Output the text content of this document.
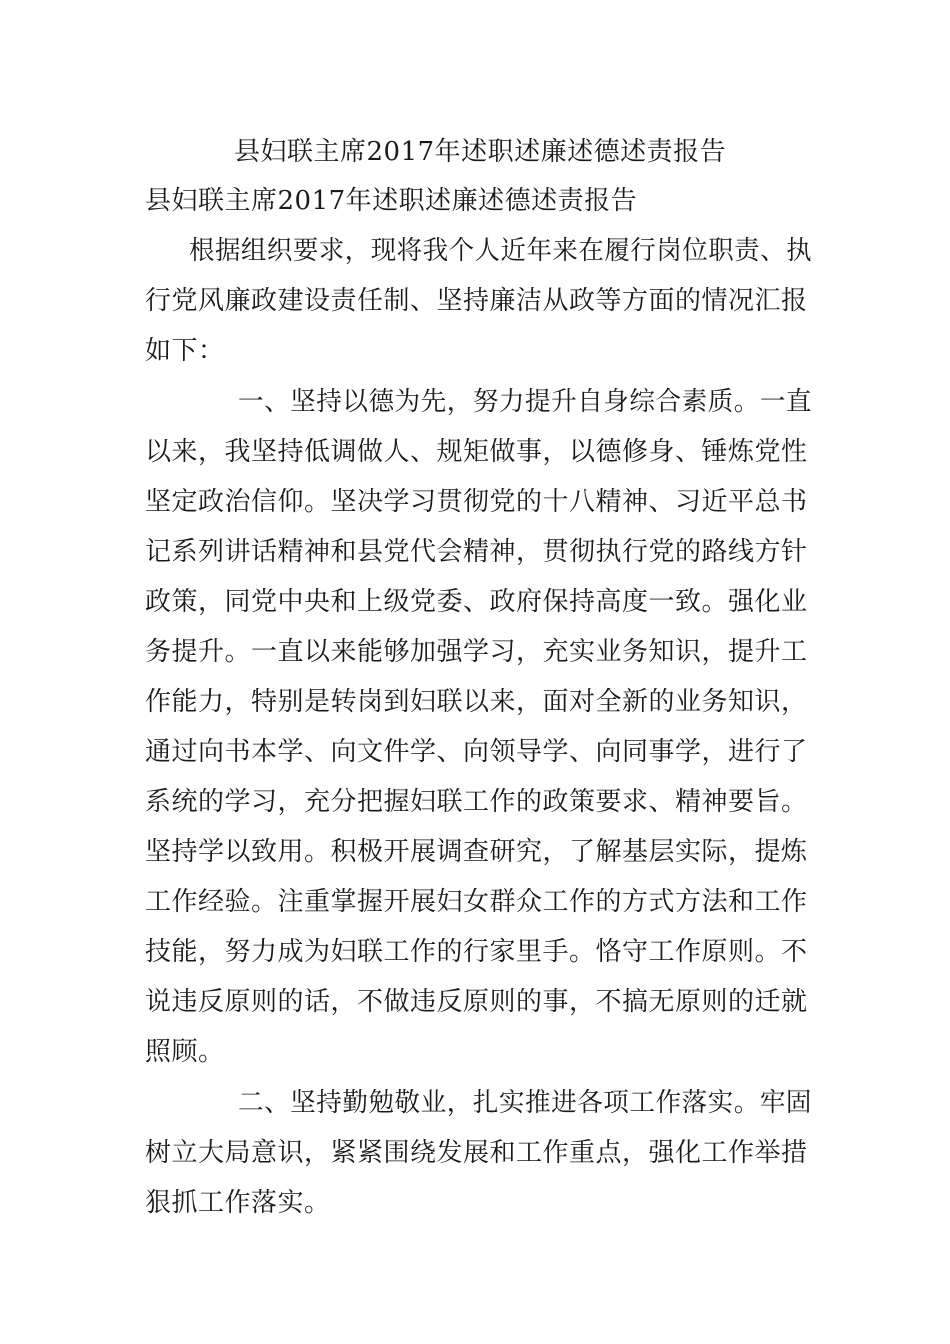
县妇联主席2017年述职述廉述德述责报告
县妇联主席2017年述职述廉述德述责报告
根据组织要求，现将我个人近年来在履行岗位职责、执
行党风廉政建设责任制、坚持廉洁从政等方面的情况汇报
如下：
一、坚持以德为先，努力提升自身综合素质。一直
以来，我坚持低调做人、规矩做事，以德修身、锤炼党性
坚定政治信仰。坚决学习贯彻党的十八精神、习近平总书
记系列讲话精神和县党代会精神，贯彻执行党的路线方针
政策，同党中央和上级党委、政府保持高度一致。强化业
务提升。一直以来能够加强学习，充实业务知识，提升工
作能力，特别是转岗到妇联以来，面对全新的业务知识，
通过向书本学、向文件学、向领导学、向同事学，进行了
系统的学习，充分把握妇联工作的政策要求、精神要旨。
坚持学以致用。积极开展调查研究，了解基层实际，提炼
工作经验。注重掌握开展妇女群众工作的方式方法和工作
技能，努力成为妇联工作的行家里手。恪守工作原则。不
说违反原则的话，不做违反原则的事，不搞无原则的迁就
照顾。
二、坚持勤勉敬业，扎实推进各项工作落实。牢固
树立大局意识，紧紧围绕发展和工作重点，强化工作举措
狠抓工作落实。
